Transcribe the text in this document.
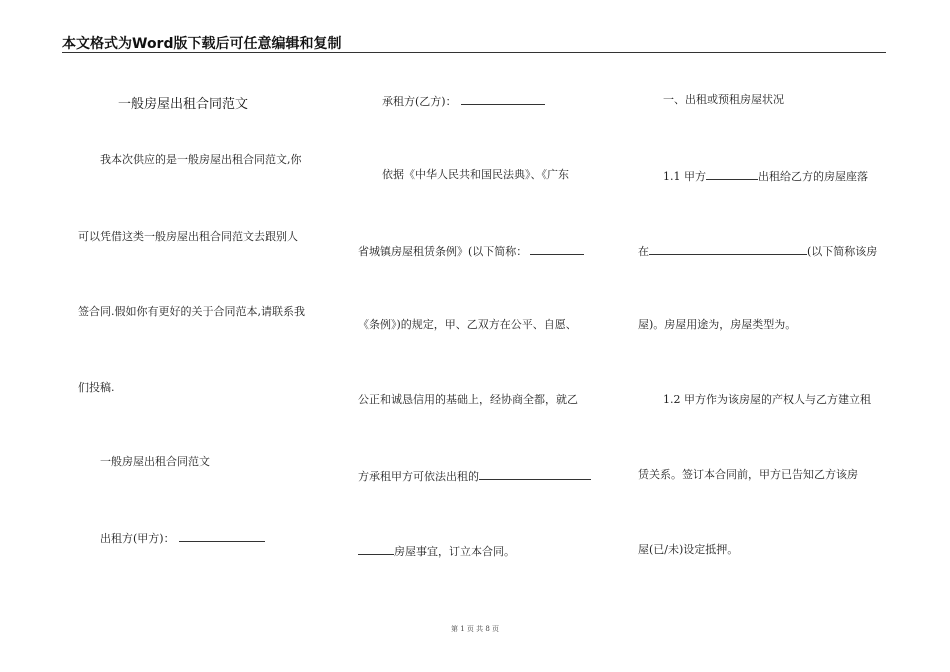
本文格式为Word版下载后可任意编辑和复制
一般房屋出租合同范文
我本次供应的是一般房屋出租合同范文,你
可以凭借这类一般房屋出租合同范文去跟别人
签合同.假如你有更好的关于合同范本,请联系我
们投稿.
一般房屋出租合同范文
出租方(甲方)：
承租方(乙方)：
依据《中华人民共和国民法典》、《广东
省城镇房屋租赁条例》(以下简称：
《条例》)的规定，甲、乙双方在公平、自愿、
公正和诚恳信用的基础上，经协商全都，就乙
方承租甲方可依法出租的
房屋事宜，订立本合同。
一、出租或预租房屋状况
1.1 甲方	出租给乙方的房屋座落
在	(以下简称该房
屋)。房屋用途为，房屋类型为。
1.2 甲方作为该房屋的产权人与乙方建立租
赁关系。签订本合同前，甲方已告知乙方该房
屋(已/未)设定抵押。
第 1 页 共 8 页
